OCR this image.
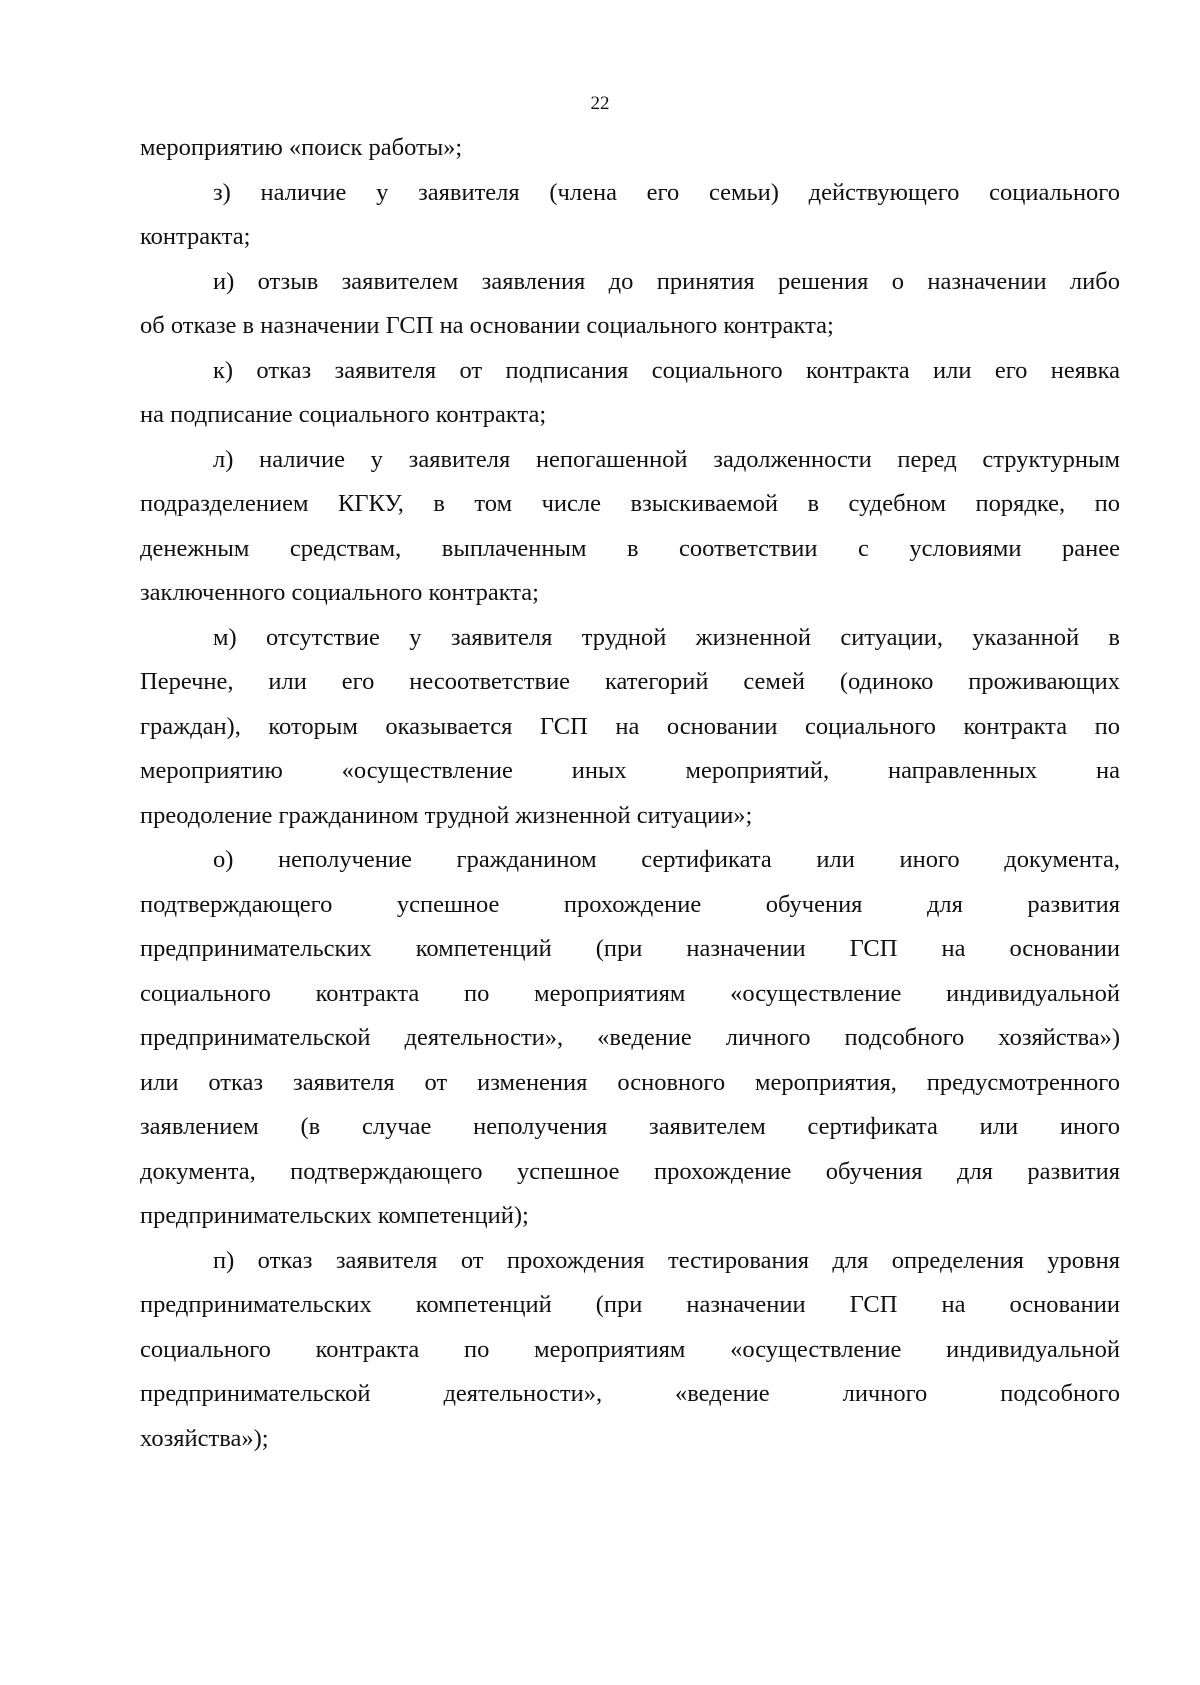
22
мероприятию «поиск работы»;
з) наличие у заявителя (члена его семьи) действующего социального
контракта;
и) отзыв заявителем заявления до принятия решения о назначении либо
об отказе в назначении ГСП на основании социального контракта;
к) отказ заявителя от подписания социального контракта или его неявка
на подписание социального контракта;
л) наличие у заявителя непогашенной задолженности перед структурным
подразделением КГКУ, в том числе взыскиваемой в судебном порядке, по
денежным средствам, выплаченным в соответствии с условиями ранее
заключенного социального контракта;
м) отсутствие у заявителя трудной жизненной ситуации, указанной в
Перечне, или его несоответствие категорий семей (одиноко проживающих
граждан), которым оказывается ГСП на основании социального контракта по
мероприятию «осуществление иных мероприятий, направленных на
преодоление гражданином трудной жизненной ситуации»;
о) неполучение гражданином сертификата или иного документа,
подтверждающего успешное прохождение обучения для развития
предпринимательских компетенций (при назначении ГСП на основании
социального контракта по мероприятиям «осуществление индивидуальной
предпринимательской деятельности», «ведение личного подсобного хозяйства»)
или отказ заявителя от изменения основного мероприятия, предусмотренного
заявлением (в случае неполучения заявителем сертификата или иного
документа, подтверждающего успешное прохождение обучения для развития
предпринимательских компетенций);
п) отказ заявителя от прохождения тестирования для определения уровня
предпринимательских компетенций (при назначении ГСП на основании
социального контракта по мероприятиям «осуществление индивидуальной
предпринимательской деятельности», «ведение личного подсобного
хозяйства»);
